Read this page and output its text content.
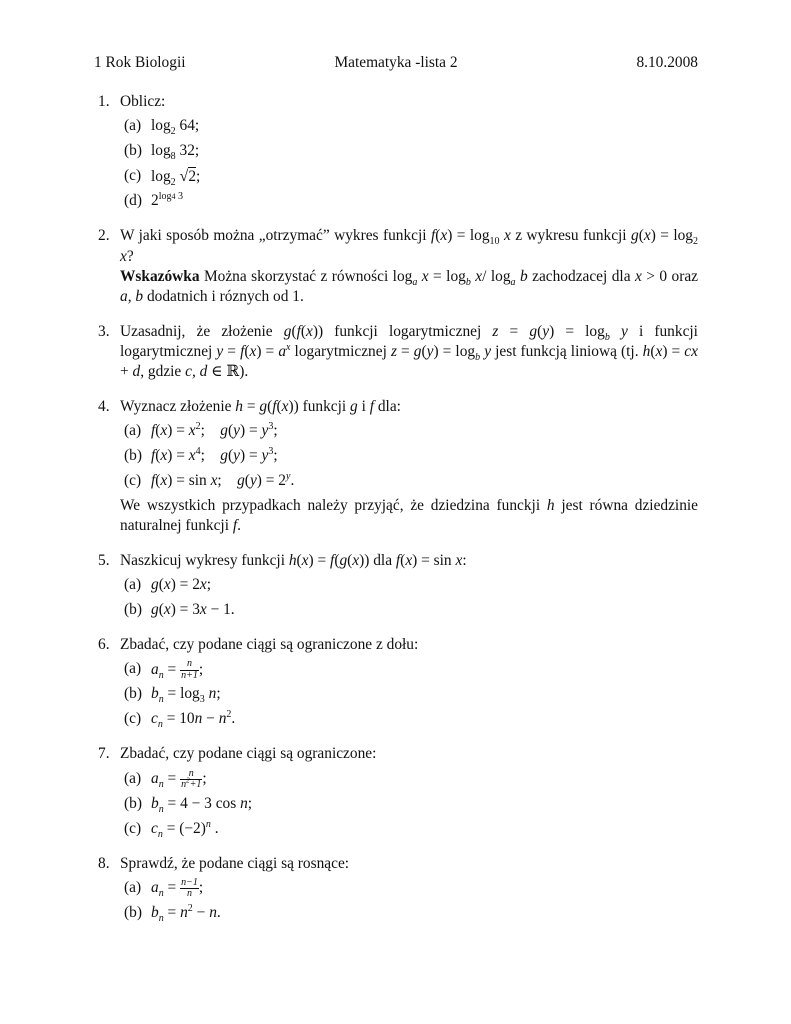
1 Rok Biologii	Matematyka -lista 2	8.10.2008
1. Oblicz:
(a) $\log_2 64$;
(b) $\log_8 32$;
(c) $\log_2 √2$;
(d) $2^{log4 3}$
2. W jaki sposób można „otrzymać” wykres funkcji $f(x) = \log_{10} x$ z wykresu funkcji $g(x) = \log_2 x$?
Wskazówka Można skorzystać z równości $\log_a x = \log_b x/$ $\log_a b$ zachodzacej dla x > 0 oraz a, b dodatnich i róznych od 1.
3. Uzasadnij, że złożenie g(f(x)) funkcji logarytmicznej $z = g(y) = \log_b y$ i funkcji logarytmicznej $y = f(x) = a^x$ logarytmicznej $z = g(y) = \log_b y$ jest funkcją liniową (tj. h(x) = cx + d, gdzie c, d ∈ ℝ).
4. Wyznacz złożenie h = g(f(x)) funkcji g i f dla:
(a) $f(x) = x^2$;    $g(y) = y^3$;
(b) $f(x) = x^4$;    $g(y) = y^3$;
(c) f(x) = sin x;    $g(y) = 2^y$.
We wszystkich przypadkach należy przyjąć, że dziedzina funckji h jest równa dziedzinie naturalnej funkcji f.
5. Naszkicuj wykresy funkcji h(x) = f(g(x)) dla f(x) = sin x:
(a) g(x) = 2x;
(b) g(x) = 3x − 1.
6. Zbadać, czy podane ciągi są ograniczone z dołu:
(a) $a_n = \frac{n}{n+1}$ ;
(b) $b_n = \log_3 n$;
(c) $c_n = 10n - n^2$.
7. Zbadać, czy podane ciągi są ograniczone:
(a) $a_n = \frac{n}{n^2+1}$ ;
(b) $b_n = 4 - 3$ cos n;
(c) $c_n = (-2)^n$ .
8. Sprawdź, że podane ciągi są rosnące:
(a) $a_n = \frac{n-1}{n}$ ;
(b) $b_n = n^2 - n$.
